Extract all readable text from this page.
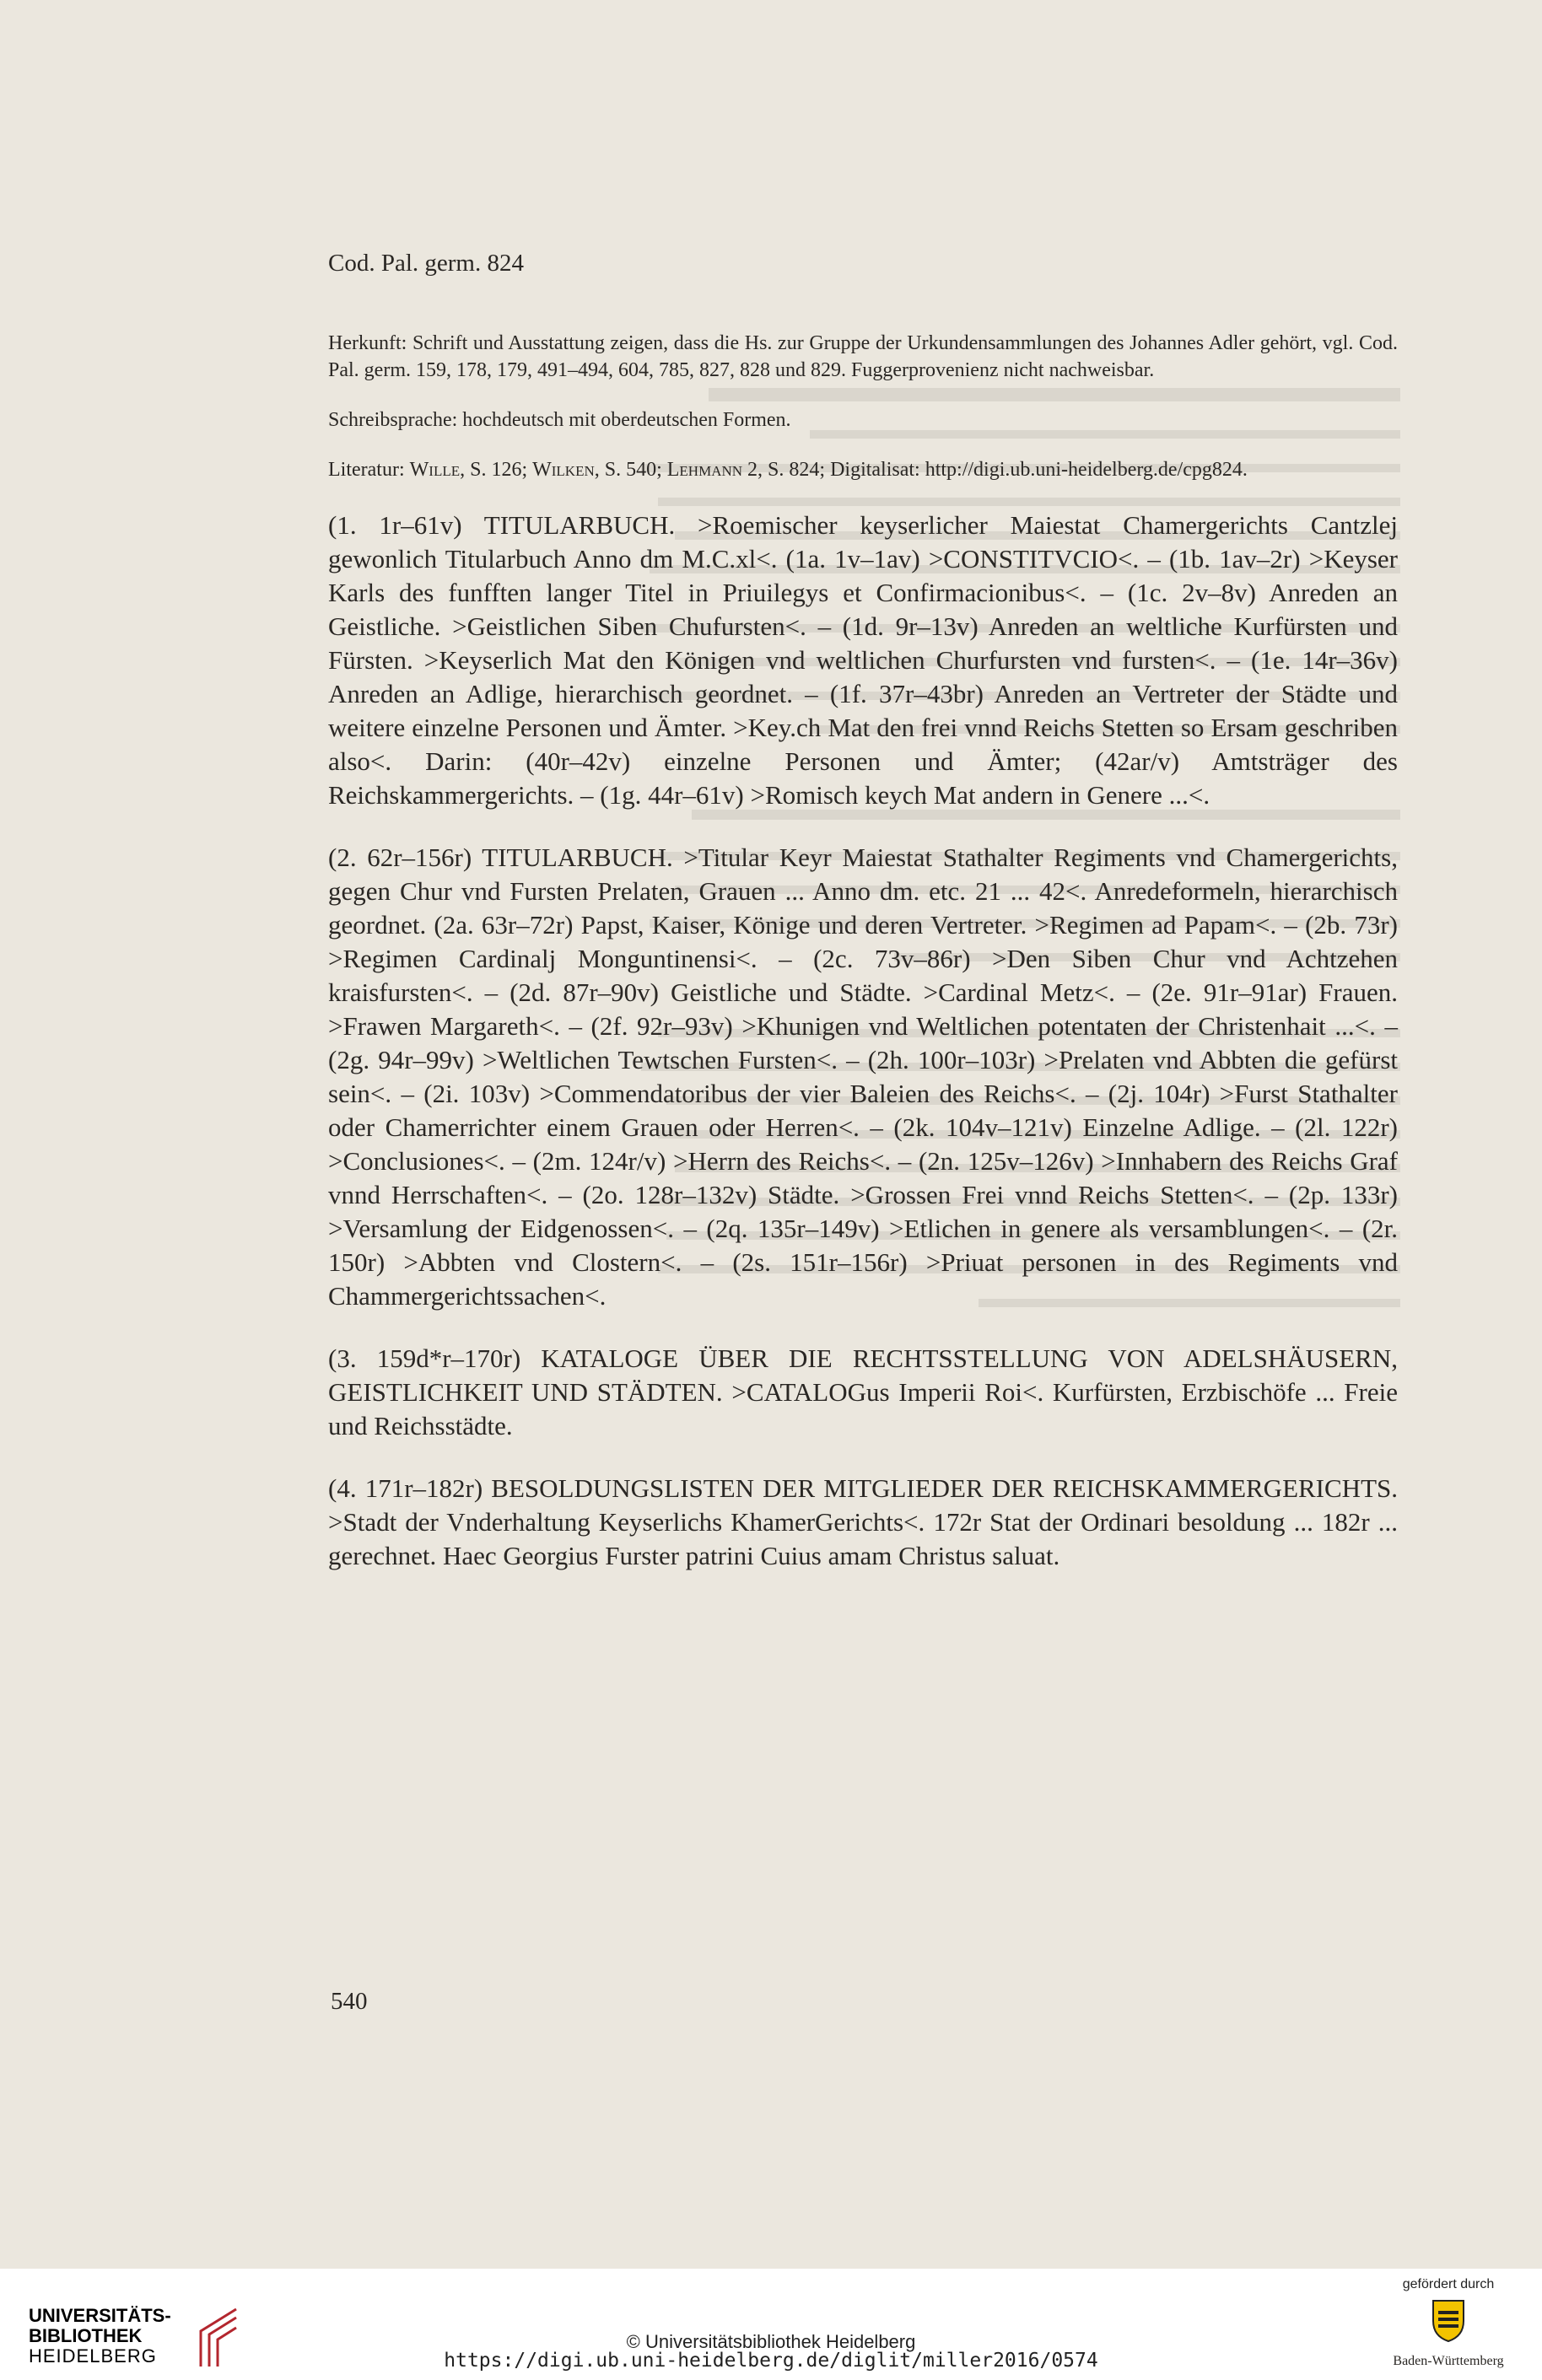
Cod. Pal. germ. 824

Herkunft: Schrift und Ausstattung zeigen, dass die Hs. zur Gruppe der Urkundensammlungen des Johannes Adler gehört, vgl. Cod. Pal. germ. 159, 178, 179, 491–494, 604, 785, 827, 828 und 829. Fuggerprovenienz nicht nachweisbar.

Schreibsprache: hochdeutsch mit oberdeutschen Formen.

Literatur: Wille, S. 126; Wilken, S. 540; Lehmann 2, S. 824; Digitalisat: http://digi.ub.uni-heidelberg.de/cpg824.

(1. 1r–61v) TITULARBUCH. >Roemischer keyserlicher Maiestat Chamergerichts Cantzlej gewonlich Titularbuch Anno dm M.C.xl<. (1a. 1v–1av) >CONSTITVCIO<. – (1b. 1av–2r) >Keyser Karls des funfften langer Titel in Priuilegys et Confirmacionibus<. – (1c. 2v–8v) Anreden an Geistliche. >Geistlichen Siben Chufursten<. – (1d. 9r–13v) Anreden an weltliche Kurfürsten und Fürsten. >Keyserlich Mat den Königen vnd weltlichen Churfursten vnd fursten<. – (1e. 14r–36v) Anreden an Adlige, hierarchisch geordnet. – (1f. 37r–43br) Anreden an Vertreter der Städte und weitere einzelne Personen und Ämter. >Key.ch Mat den frei vnnd Reichs Stetten so Ersam geschriben also<. Darin: (40r–42v) einzelne Personen und Ämter; (42ar/v) Amtsträger des Reichskammergerichts. – (1g. 44r–61v) >Romisch keych Mat andern in Genere ...<.

(2. 62r–156r) TITULARBUCH. >Titular Keyr Maiestat Stathalter Regiments vnd Chamergerichts, gegen Chur vnd Fursten Prelaten, Grauen ... Anno dm. etc. 21 ... 42<. Anredeformeln, hierarchisch geordnet. (2a. 63r–72r) Papst, Kaiser, Könige und deren Vertreter. >Regimen ad Papam<. – (2b. 73r) >Regimen Cardinalj Monguntinensi<. – (2c. 73v–86r) >Den Siben Chur vnd Achtzehen kraisfursten<. – (2d. 87r–90v) Geistliche und Städte. >Cardinal Metz<. – (2e. 91r–91ar) Frauen. >Frawen Margareth<. – (2f. 92r–93v) >Khunigen vnd Weltlichen potentaten der Christenhait ...<. – (2g. 94r–99v) >Weltlichen Tewtschen Fursten<. – (2h. 100r–103r) >Prelaten vnd Abbten die gefürst sein<. – (2i. 103v) >Commendatoribus der vier Baleien des Reichs<. – (2j. 104r) >Furst Stathalter oder Chamerrichter einem Grauen oder Herren<. – (2k. 104v–121v) Einzelne Adlige. – (2l. 122r) >Conclusiones<. – (2m. 124r/v) >Herrn des Reichs<. – (2n. 125v–126v) >Innhabern des Reichs Graf vnnd Herrschaften<. – (2o. 128r–132v) Städte. >Grossen Frei vnnd Reichs Stetten<. – (2p. 133r) >Versamlung der Eidgenossen<. – (2q. 135r–149v) >Etlichen in genere als versamblungen<. – (2r. 150r) >Abbten vnd Clostern<. – (2s. 151r–156r) >Priuat personen in des Regiments vnd Chammergerichtssachen<.

(3. 159d*r–170r) KATALOGE ÜBER DIE RECHTSSTELLUNG VON ADELSHÄUSERN, GEISTLICHKEIT UND STÄDTEN. >CATALOGus Imperii Roi<. Kurfürsten, Erzbischöfe ... Freie und Reichsstädte.

(4. 171r–182r) BESOLDUNGSLISTEN DER MITGLIEDER DER REICHSKAMMERGERICHTS. >Stadt der Vnderhaltung Keyserlichs KhamerGerichts<. 172r Stat der Ordinari besoldung ... 182r ... gerechnet. Haec Georgius Furster patrini Cuius amam Christus saluat.

540
UNIVERSITÄTS-
BIBLIOTHEK
HEIDELBERG
© Universitätsbibliothek Heidelberg
https://digi.ub.uni-heidelberg.de/diglit/miller2016/0574
gefördert durch
Baden-Württemberg
